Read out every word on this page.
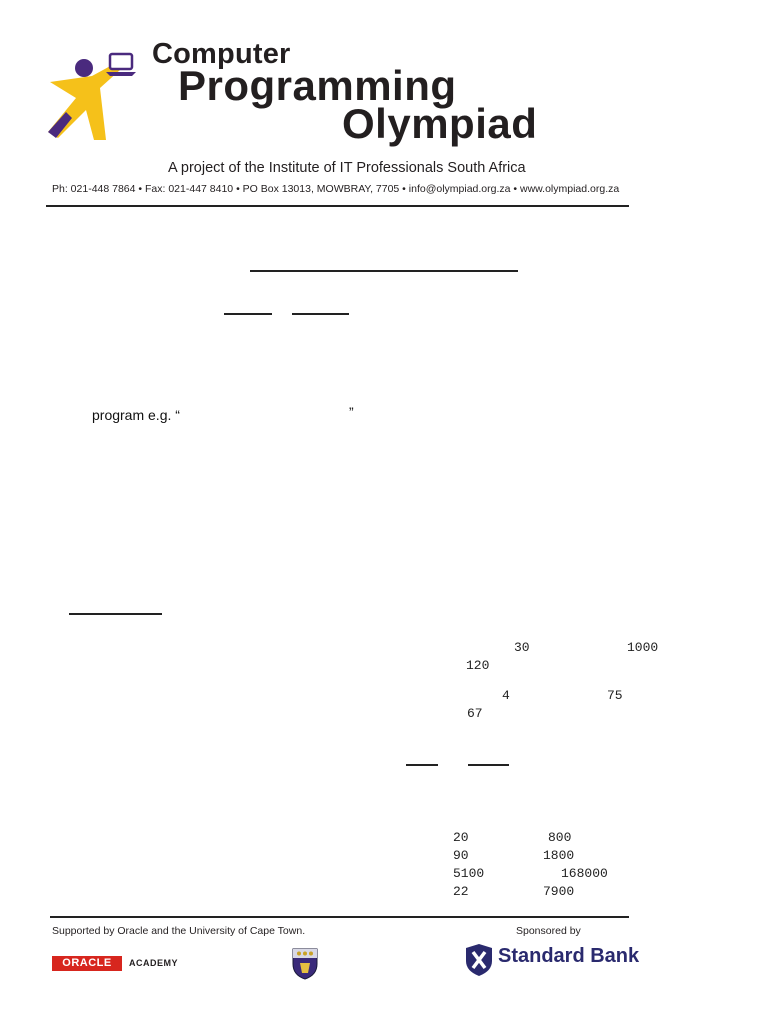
Computer
Programming
Olympiad
A project of the Institute of IT Professionals South Africa
Ph: 021-448 7864 • Fax: 021-447 8410 • PO Box 13013, MOWBRAY, 7705 • info@olympiad.org.za • www.olympiad.org.za
program e.g. “	”
30	1000
120
4	75
67
20	800
90	1800
5100	168000
22	7900
Supported by Oracle and the University of Cape Town.	Sponsored by
ORACLE	ACADEMY	Standard Bank
